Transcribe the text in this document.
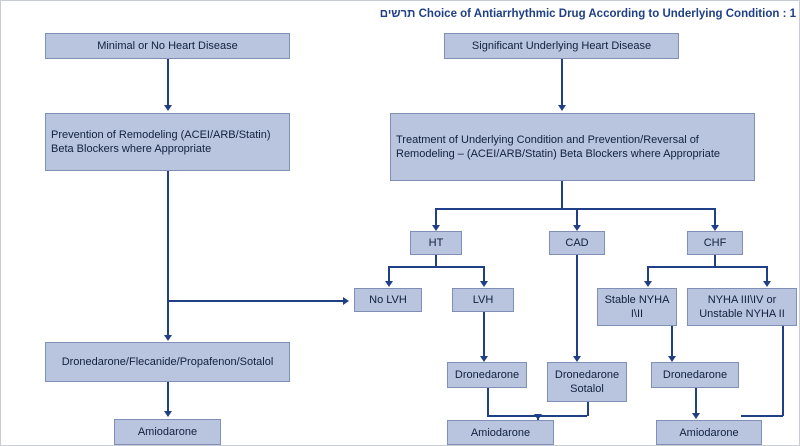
Choice of Antiarrhythmic Drug According to Underlying Condition : 1 תרשים
Minimal or No Heart Disease
Prevention of Remodeling (ACEI/ARB/Statin) Beta Blockers where Appropriate
Dronedarone/Flecanide/Propafenon/Sotalol
Amiodarone
Significant Underlying Heart Disease
Treatment of Underlying Condition and Prevention/Reversal of Remodeling – (ACEI/ARB/Statin) Beta Blockers where Appropriate
HT	CAD	CHF
No LVH	LVH	Stable NYHA I\II
NYHA III\IV or Unstable NYHA II
Dronedarone	Dronedarone Sotalol
Dronedarone
Amiodarone
Amiodarone
